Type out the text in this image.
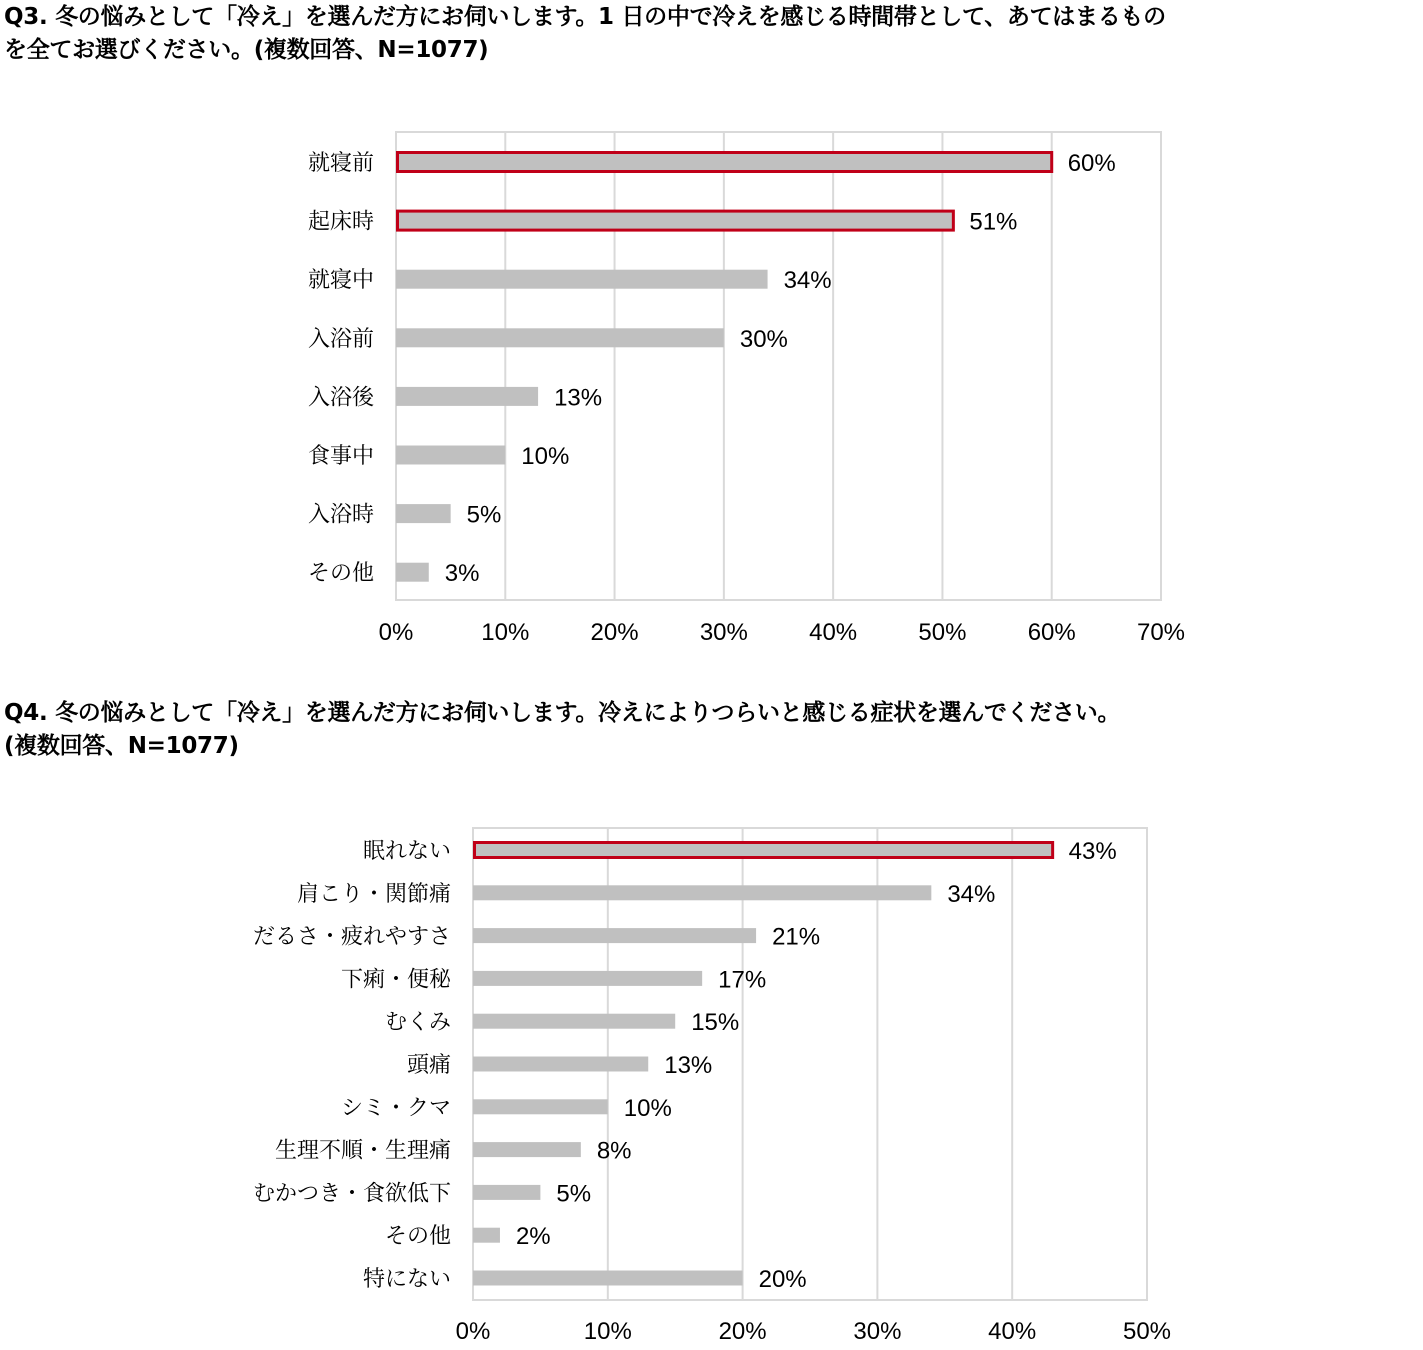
Q3. 冬の悩みとして「冷え」を選んだ方にお伺いします。1 日の中で冷えを感じる時間帯として、あてはまるもの
を全てお選びください。(複数回答、N=1077)
就寝前	60%
起床時	51%
就寝中	34%
入浴前	30%
入浴後	13%
食事中	10%
入浴時	5%
その他	3%
0%	10%	20%	30%	40%	50%	60%	70%
Q4. 冬の悩みとして「冷え」を選んだ方にお伺いします。冷えによりつらいと感じる症状を選んでください。
(複数回答、N=1077)
眠れない	43%
肩こり・関節痛	34%
だるさ・疲れやすさ	21%
下痢・便秘	17%
むくみ	15%
頭痛	13%
シミ・クマ	10%
生理不順・生理痛	8%
むかつき・食欲低下	5%
その他	2%
特にない	20%
0%	10%	20%	30%	40%	50%
